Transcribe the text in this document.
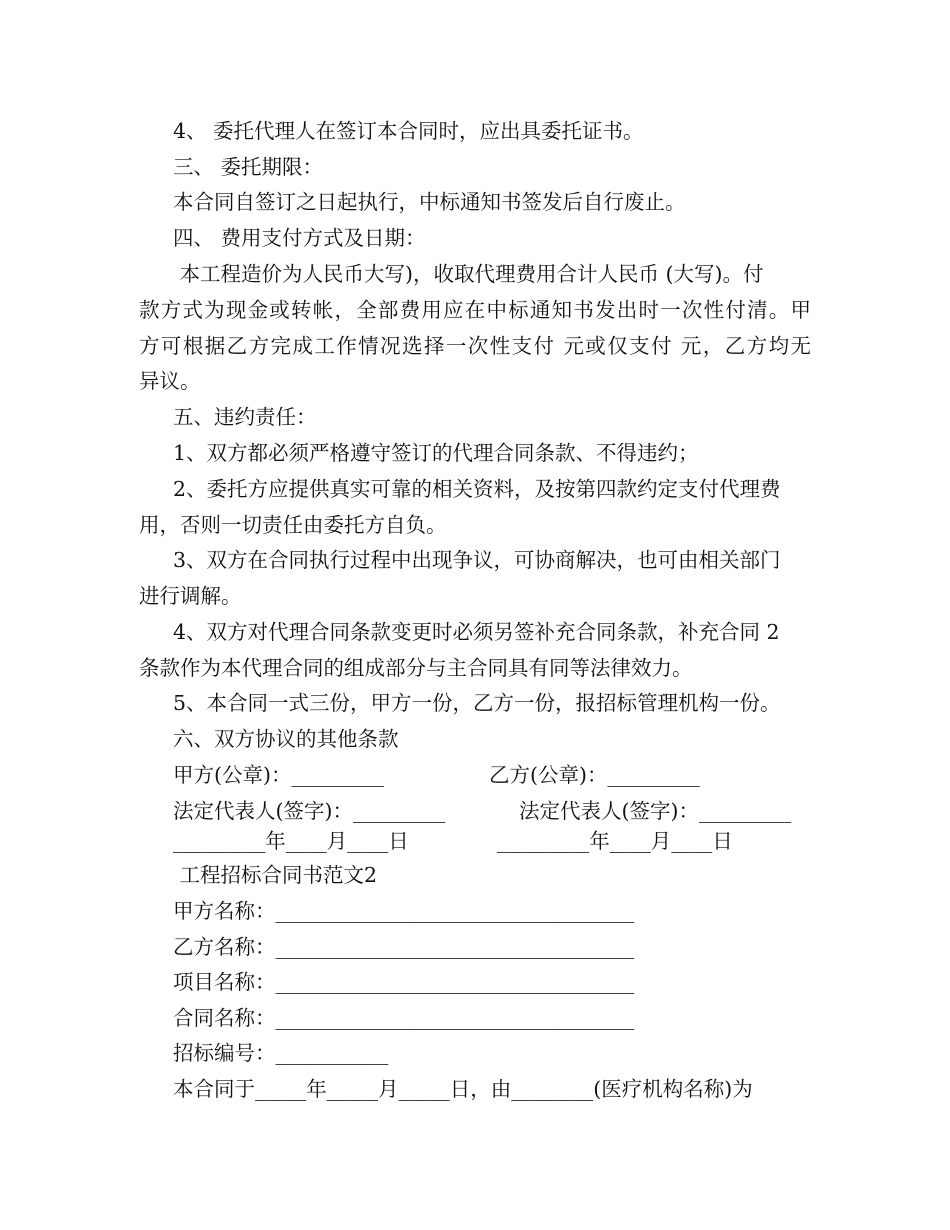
4、 委托代理人在签订本合同时，应出具委托证书。

三、 委托期限：

本合同自签订之日起执行，中标通知书签发后自行废止。

四、 费用支付方式及日期：

本工程造价为人民币大写)，收取代理费用合计人民币 (大写)。付

款方式为现金或转帐，全部费用应在中标通知书发出时一次性付清。甲

方可根据乙方完成工作情况选择一次性支付 元或仅支付 元，乙方均无

异议。

五、违约责任：

1、双方都必须严格遵守签订的代理合同条款、不得违约；

2、委托方应提供真实可靠的相关资料，及按第四款约定支付代理费

用，否则一切责任由委托方自负。

3、双方在合同执行过程中出现争议，可协商解决，也可由相关部门

进行调解。

4、双方对代理合同条款变更时必须另签补充合同条款，补充合同 2

条款作为本代理合同的组成部分与主合同具有同等法律效力。

5、本合同一式三份，甲方一份，乙方一份，报招标管理机构一份。

六、双方协议的其他条款

甲方(公章)：_________	乙方(公章)：_________
法定代表人(签字)：_________	法定代表人(签字)：_________
_________年____月____日	_________年____月____日

工程招标合同书范文2

甲方名称：___________________________________

乙方名称：___________________________________

项目名称：___________________________________

合同名称：___________________________________

招标编号：___________

本合同于_____年_____月_____日，由________(医疗机构名称)为
